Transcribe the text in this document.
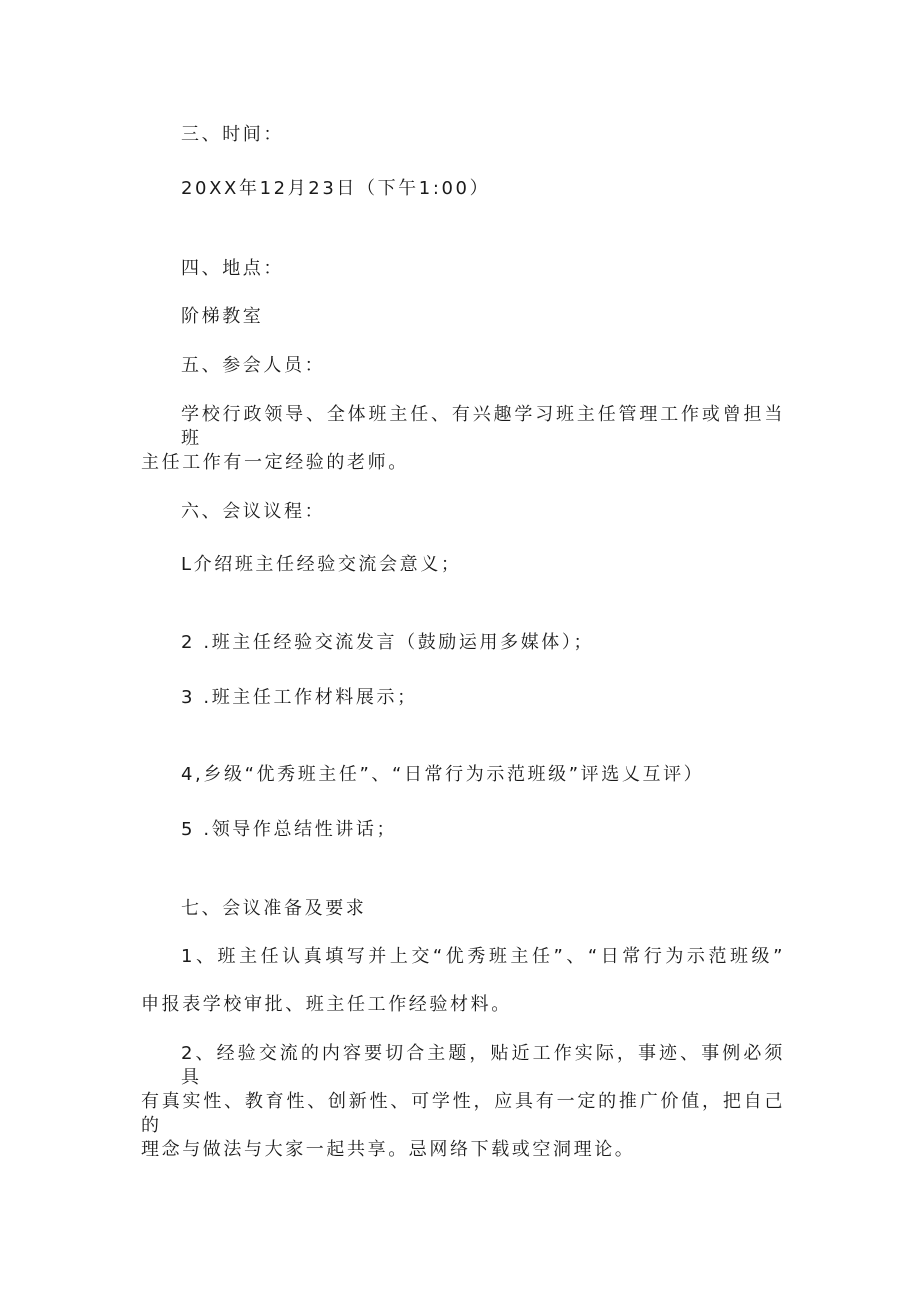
三、时间：
20XX年12月23日（下午1:00）
四、地点：
阶梯教室
五、参会人员：
学校行政领导、全体班主任、有兴趣学习班主任管理工作或曾担当班
主任工作有一定经验的老师。
六、会议议程：
L介绍班主任经验交流会意义；
2 .班主任经验交流发言（鼓励运用多媒体）；
3 .班主任工作材料展示；
4,乡级“优秀班主任”、“日常行为示范班级”评选乂互评）
5 .领导作总结性讲话；
七、会议准备及要求
1、班主任认真填写并上交“优秀班主任”、“日常行为示范班级”
申报表学校审批、班主任工作经验材料。
2、经验交流的内容要切合主题，贴近工作实际，事迹、事例必须具
有真实性、教育性、创新性、可学性，应具有一定的推广价值，把自己的
理念与做法与大家一起共享。忌网络下载或空洞理论。
